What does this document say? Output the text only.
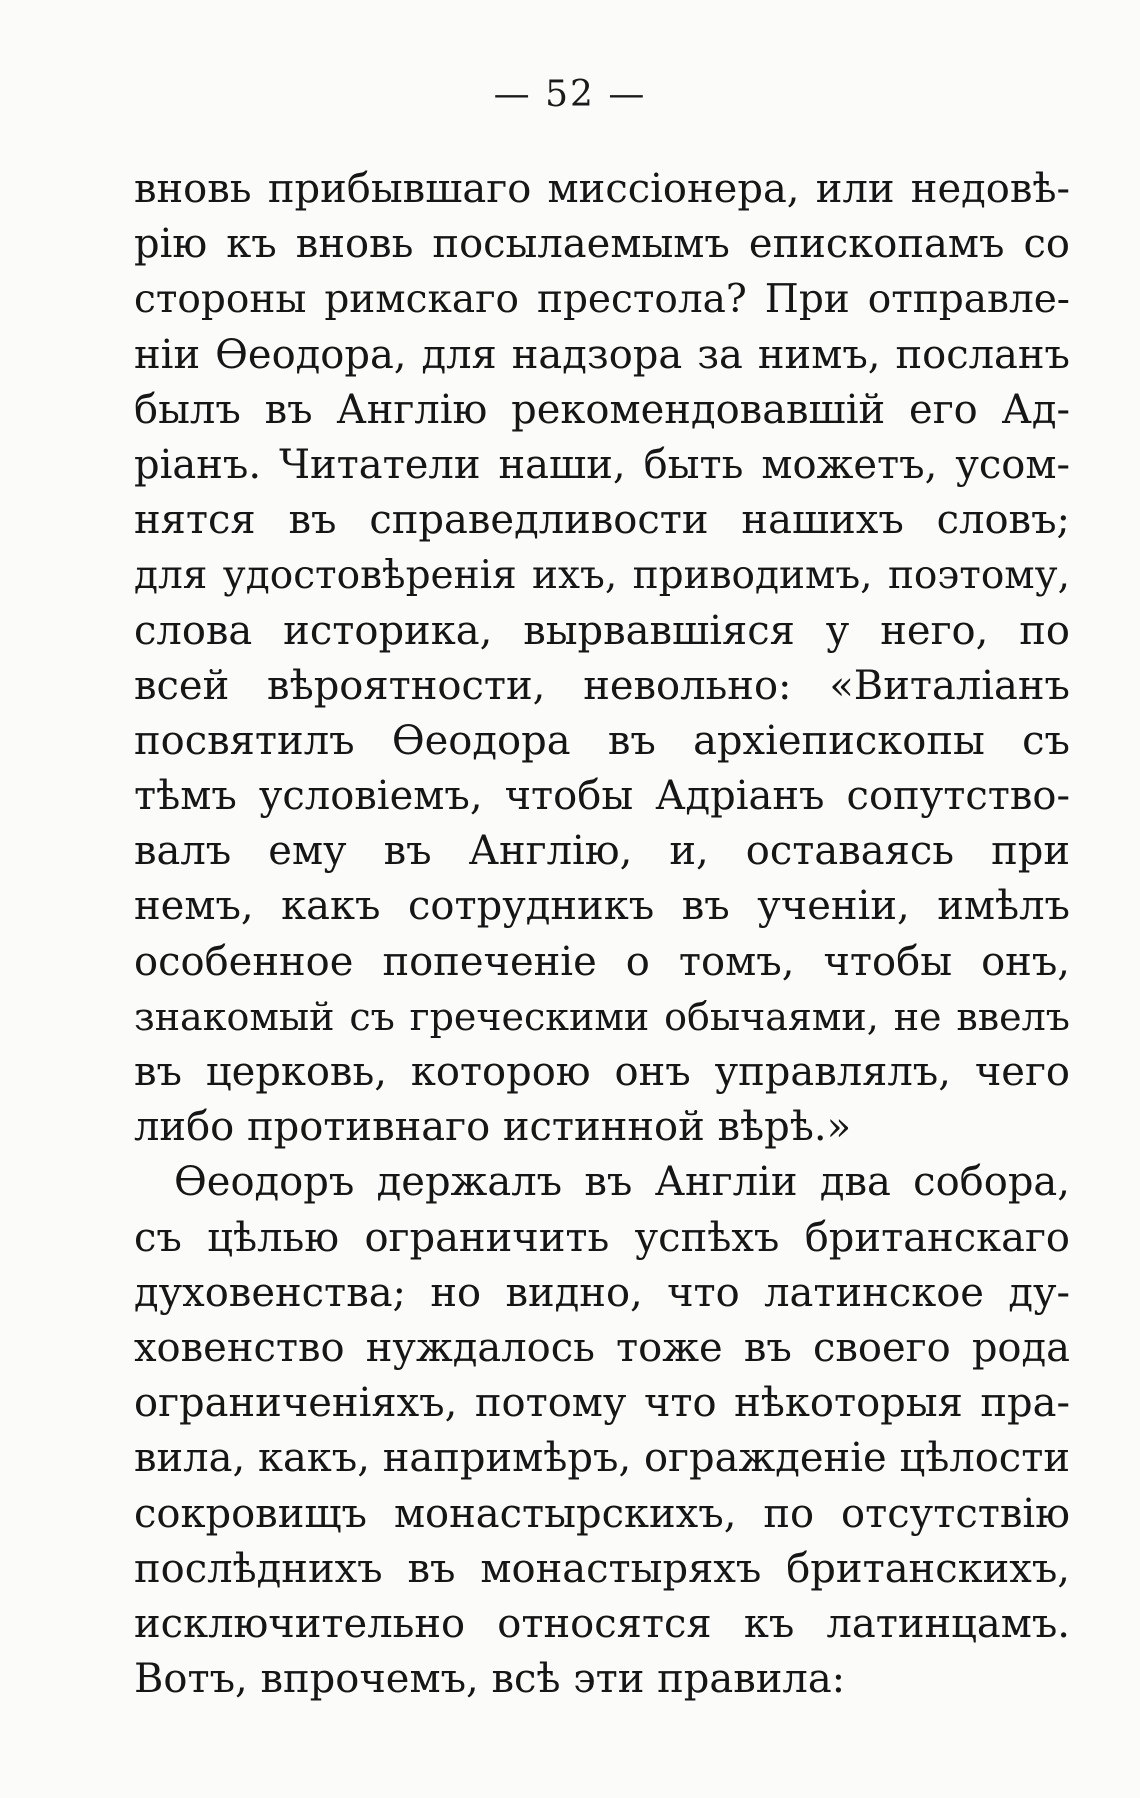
— 52 —
вновь прибывшаго миссіонера, или недовѣ-
рію къ вновь посылаемымъ епископамъ со
стороны римскаго престола? При отправле-
ніи Өеодора, для надзора за нимъ, посланъ
былъ въ Англію рекомендовавшій его Ад-
ріанъ. Читатели наши, быть можетъ, усом-
нятся въ справедливости нашихъ словъ;
для удостовѣренія ихъ, приводимъ, поэтому,
слова историка, вырвавшіяся у него, по
всей вѣроятности, невольно: «Виталіанъ
посвятилъ Өеодора въ архіепископы съ
тѣмъ условіемъ, чтобы Адріанъ сопутство-
валъ ему въ Англію, и, оставаясь при
немъ, какъ сотрудникъ въ ученіи, имѣлъ
особенное попеченіе о томъ, чтобы онъ,
знакомый съ греческими обычаями, не ввелъ
въ церковь, которою онъ управлялъ, чего
либо противнаго истинной вѣрѣ.»
Өеодоръ держалъ въ Англіи два собора,
съ цѣлью ограничить успѣхъ британскаго
духовенства; но видно, что латинское ду-
ховенство нуждалось тоже въ своего рода
ограниченіяхъ, потому что нѣкоторыя пра-
вила, какъ, напримѣръ, огражденіе цѣлости
сокровищъ монастырскихъ, по отсутствію
послѣднихъ въ монастыряхъ британскихъ,
исключительно относятся къ латинцамъ.
Вотъ, впрочемъ, всѣ эти правила:
